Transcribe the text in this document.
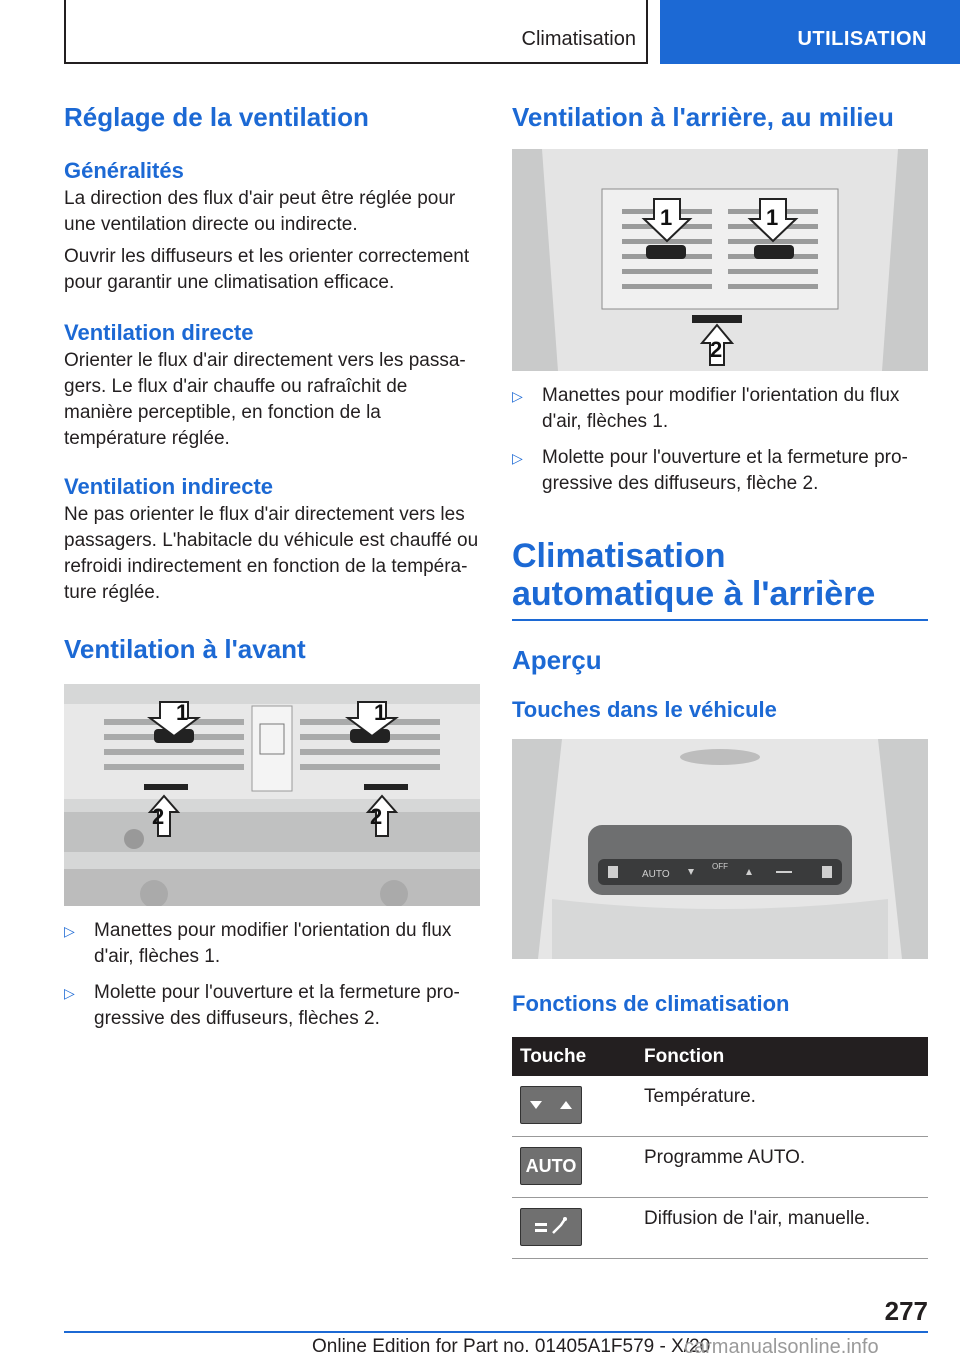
Climatisation	UTILISATION
Réglage de la ventilation
Généralités

La direction des flux d'air peut être réglée pour une ventilation directe ou indirecte.

Ouvrir les diffuseurs et les orienter correctement pour garantir une climatisation efficace.

Ventilation directe

Orienter le flux d'air directement vers les passagers. Le flux d'air chauffe ou rafraîchit de manière perceptible, en fonction de la température réglée.

Ventilation indirecte

Ne pas orienter le flux d'air directement vers les passagers. L'habitacle du véhicule est chauffé ou refroidi indirectement en fonction de la température réglée.

Ventilation à l'avant
1	1
2	2
▷ Manettes pour modifier l'orientation du flux d'air, flèches 1.
▷ Molette pour l'ouverture et la fermeture progressive des diffuseurs, flèches 2.
Ventilation à l'arrière, au milieu
1	1
2
▷ Manettes pour modifier l'orientation du flux d'air, flèches 1.
▷ Molette pour l'ouverture et la fermeture progressive des diffuseurs, flèche 2.
Climatisation automatique à l'arrière
Aperçu
Touches dans le véhicule
AUTO
OFF
Fonctions de climatisation
Touche	Fonction

	Température.

AUTO	Programme AUTO.

	Diffusion de l'air, manuelle.
277
Online Edition for Part no. 01405A1F579 - X/20
carmanualsonline.info
